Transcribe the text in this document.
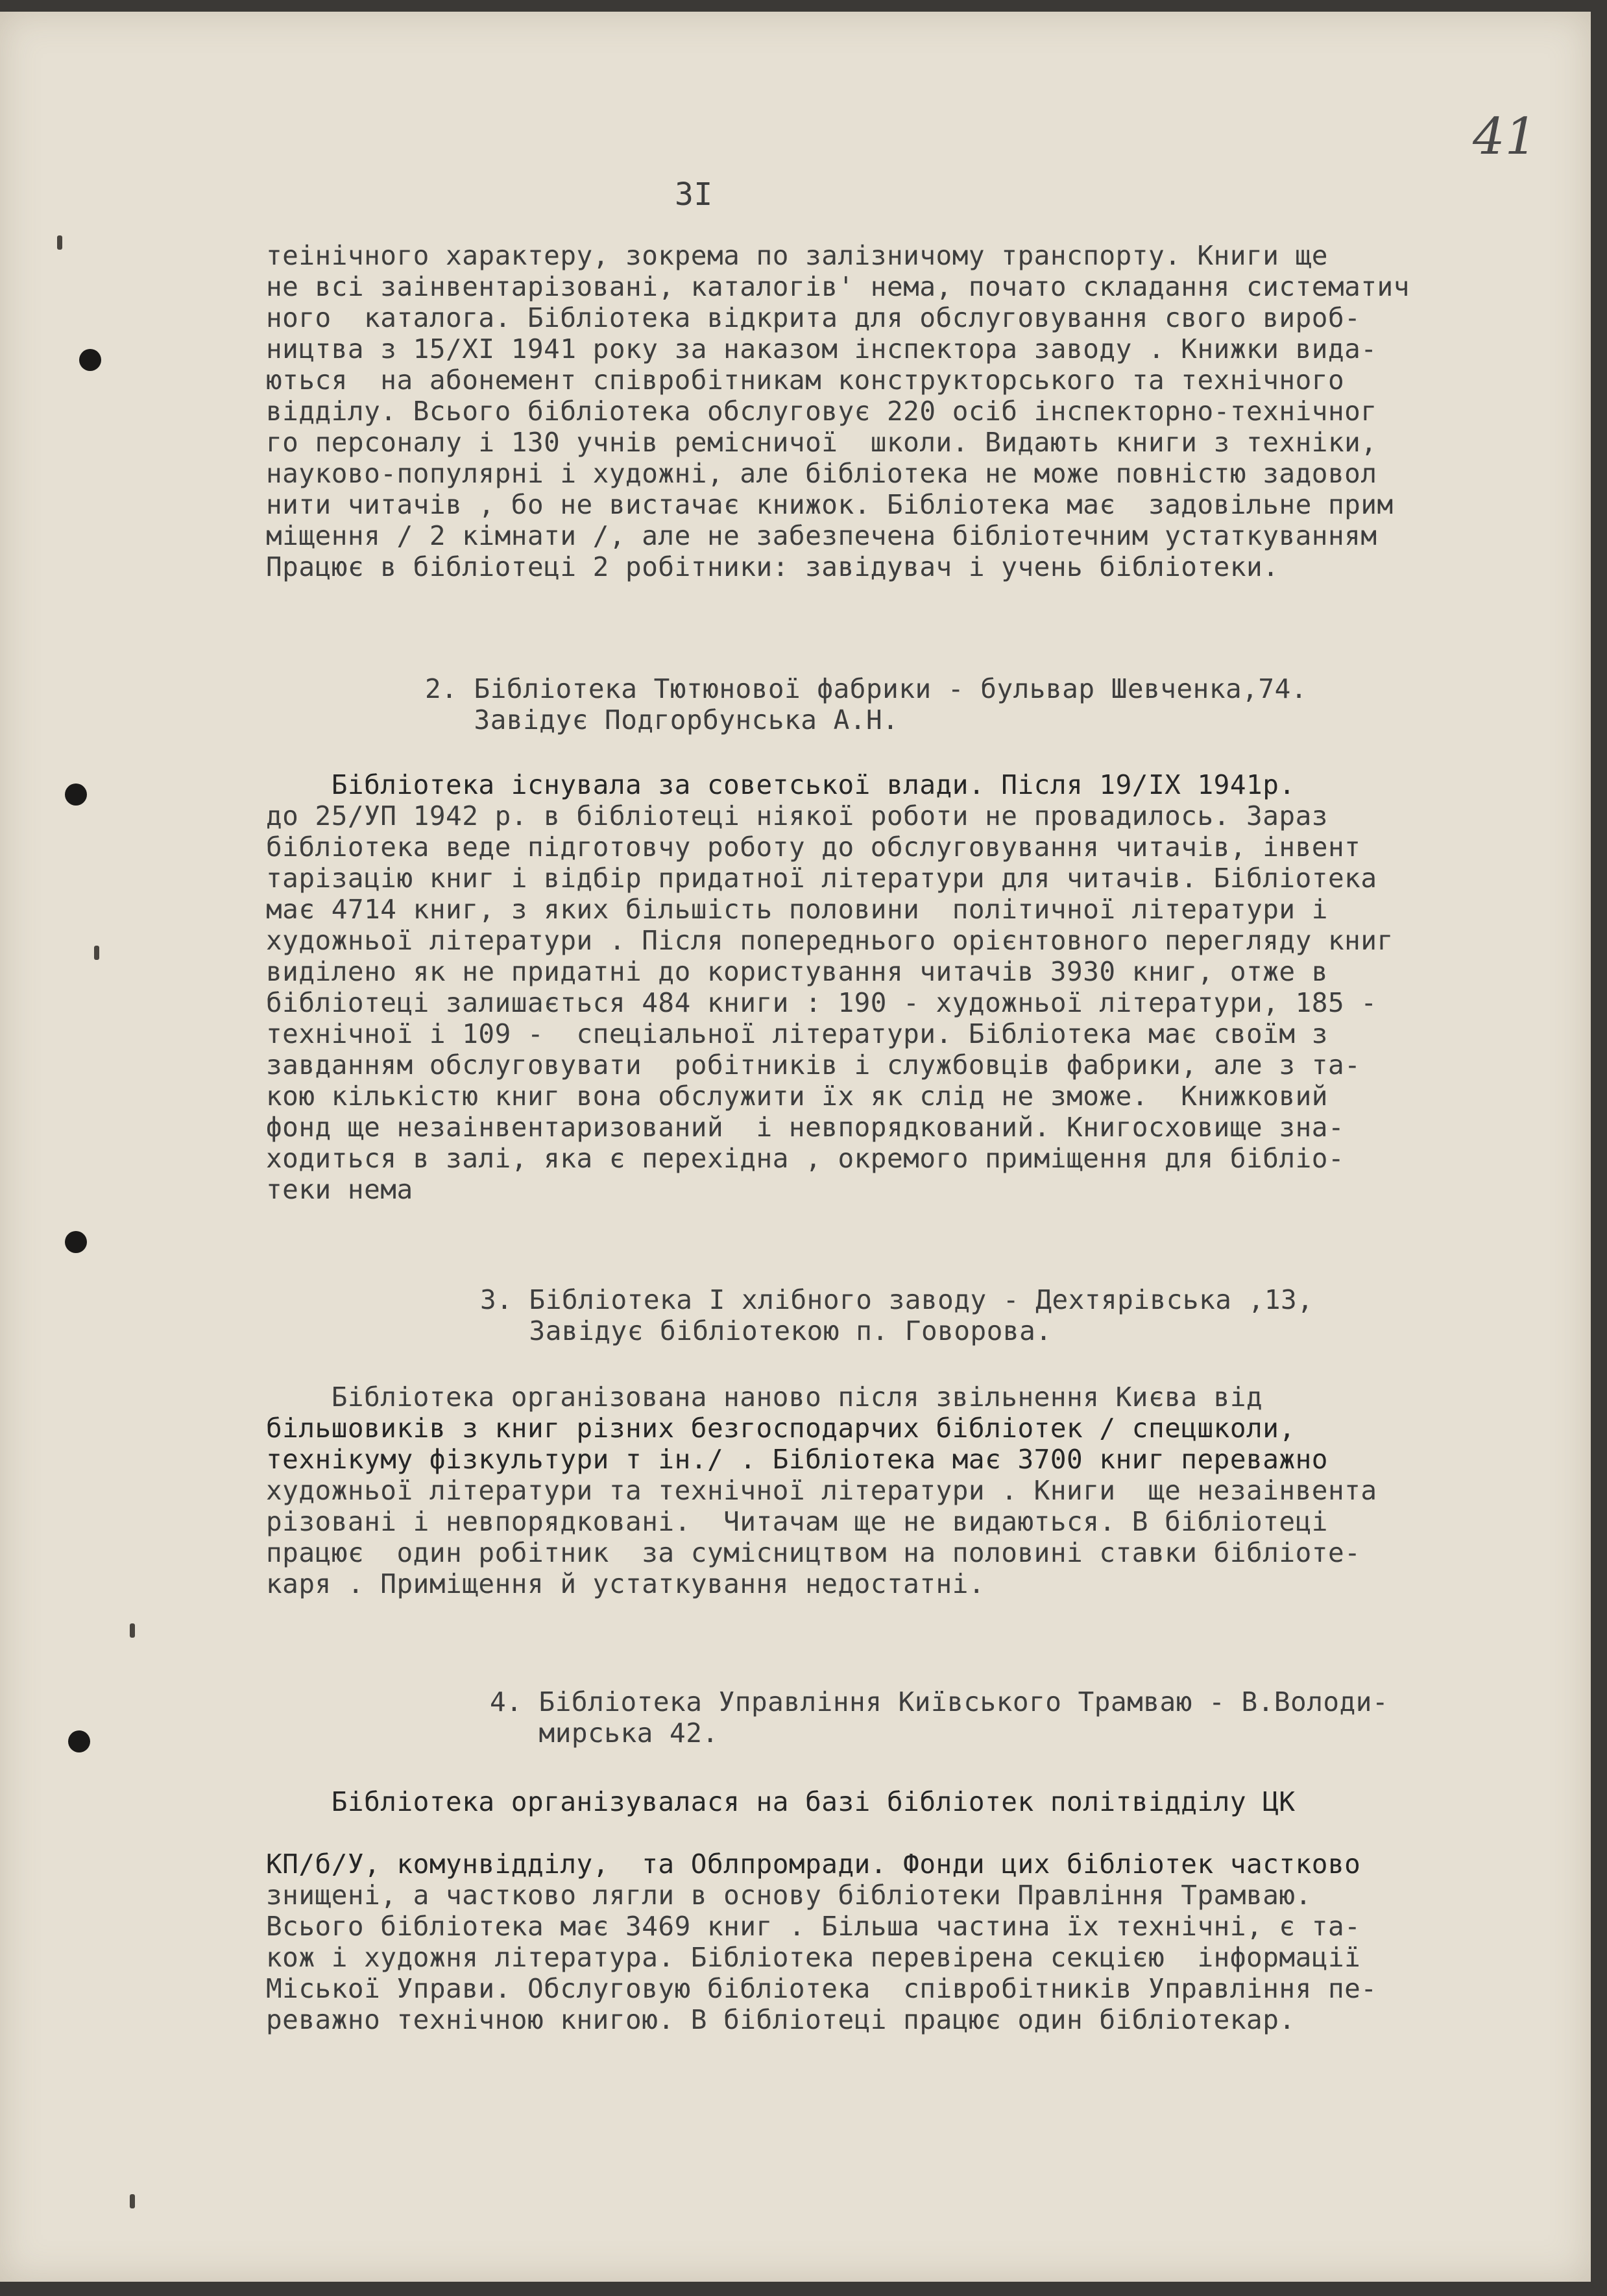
41
3І
теінічного характеру, зокрема по залізничому транспорту. Книги ще
не всі заінвентарізовані, каталогів' нема, почато складання систематич
ного  каталога. Бібліотека відкрита для обслуговування свого вироб-
ництва з 15/XІ 1941 року за наказом інспектора заводу . Книжки вида-
ються  на абонемент співробітникам конструкторського та технічного
відділу. Всього бібліотека обслуговує 220 осіб інспекторно-технічног
го персоналу і 130 учнів ремісничої  школи. Видають книги з техніки,
науково-популярні і художні, але бібліотека не може повністю задовол
нити читачів , бо не вистачає книжок. Бібліотека має  задовільне прим
міщення / 2 кімнати /, але не забезпечена бібліотечним устаткуванням
Працює в бібліотеці 2 робітники: завідувач і учень бібліотеки.
2. Бібліотека Тютюнової фабрики - бульвар Шевченка,74.
Завідує Подгорбунська А.Н.
Бібліотека існувала за советської влади. Після 19/ІX 1941р.
до 25/УП 1942 р. в бібліотеці ніякої роботи не провадилось. Зараз
бібліотека веде підготовчу роботу до обслуговування читачів, інвент
тарізацію книг і відбір придатної літератури для читачів. Бібліотека
має 4714 книг, з яких більшість половини  політичної літератури і
художньої літератури . Після попереднього орієнтовного перегляду книг
виділено як не придатні до користування читачів 3930 книг, отже в
бібліотеці залишається 484 книги : 190 - художньої літератури, 185 -
технічної і 109 -  спеціальної літератури. Бібліотека має своїм з
завданням обслуговувати  робітників і службовців фабрики, але з та-
кою кількістю книг вона обслужити їх як слід не зможе.  Книжковий
фонд ще незаінвентаризований  і невпорядкований. Книгосховище зна-
ходиться в залі, яка є перехідна , окремого приміщення для бібліо-
теки нема
3. Бібліотека І хлібного заводу - Дехтярівська ,13,
Завідує бібліотекою п. Говорова.
Бібліотека організована наново після звільнення Києва від
більшовиків з книг різних безгосподарчих бібліотек / спецшколи,
технікуму фізкультури т ін./ . Бібліотека має 3700 книг переважно
художньої літератури та технічної літератури . Книги  ще незаінвента
різовані і невпорядковані.  Читачам ще не видаються. В бібліотеці
працює  один робітник  за сумісництвом на половині ставки бібліоте-
каря . Приміщення й устаткування недостатні.
4. Бібліотека Управління Київського Трамваю - В.Володи-
мирська 42.
Бібліотека організувалася на базі бібліотек політвідділу ЦК
КП/б/У, комунвідділу,  та Облпромради. Фонди цих бібліотек частково
знищені, а частково лягли в основу бібліотеки Правління Трамваю.
Всього бібліотека має 3469 книг . Більша частина їх технічні, є та-
кож і художня література. Бібліотека перевірена секцією  інформації
Міської Управи. Обслуговую бібліотека  співробітників Управління пе-
реважно технічною книгою. В бібліотеці працює один бібліотекар.
